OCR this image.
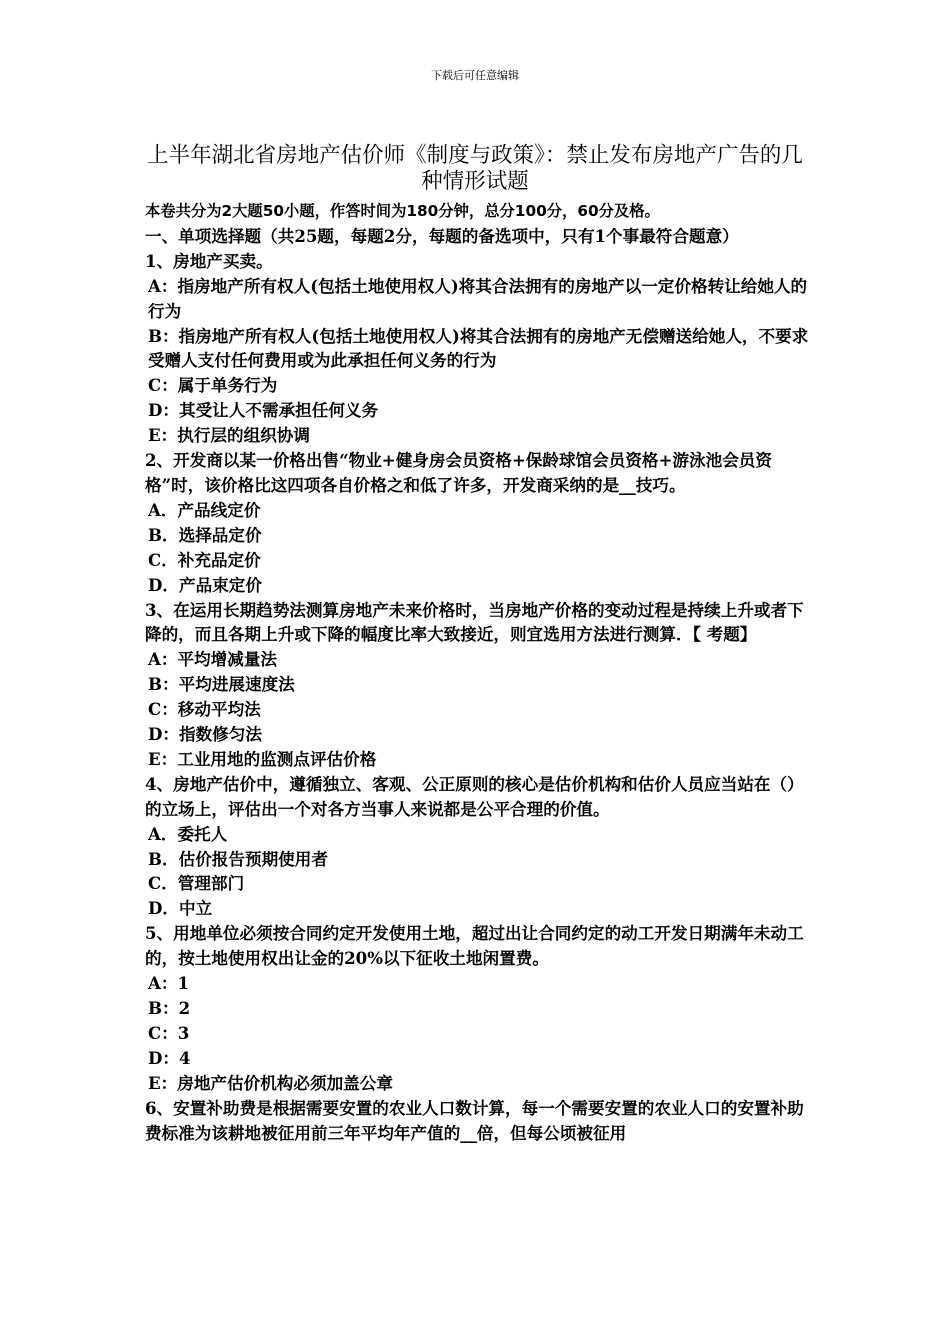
下载后可任意编辑
上半年湖北省房地产估价师《制度与政策》：禁止发布房地产广告的几种情形试题

本卷共分为2大题50小题，作答时间为180分钟，总分100分，60分及格。

一、单项选择题（共25题，每题2分，每题的备选项中，只有1个事最符合题意）

1、房地产买卖。

A：指房地产所有权人(包括土地使用权人)将其合法拥有的房地产以一定价格转让给她人的行为

B：指房地产所有权人(包括土地使用权人)将其合法拥有的房地产无偿赠送给她人，不要求受赠人支付任何费用或为此承担任何义务的行为

C：属于单务行为

D：其受让人不需承担任何义务

E：执行层的组织协调

2、开发商以某一价格出售“物业+健身房会员资格+保龄球馆会员资格+游泳池会员资格”时，该价格比这四项各自价格之和低了许多，开发商采纳的是__技巧。

A．产品线定价

B．选择品定价

C．补充品定价

D．产品束定价

3、在运用长期趋势法测算房地产未来价格时，当房地产价格的变动过程是持续上升或者下降的，而且各期上升或下降的幅度比率大致接近，则宜选用方法进行测算．【 考题】

A：平均增减量法

B：平均进展速度法

C：移动平均法

D：指数修匀法

E：工业用地的监测点评估价格

4、房地产估价中，遵循独立、客观、公正原则的核心是估价机构和估价人员应当站在（）的立场上，评估出一个对各方当事人来说都是公平合理的价值。

A．委托人

B．估价报告预期使用者

C．管理部门

D．中立

5、用地单位必须按合同约定开发使用土地，超过出让合同约定的动工开发日期满年未动工的，按土地使用权出让金的20%以下征收土地闲置费。

A：1

B：2

C：3

D：4

E：房地产估价机构必须加盖公章

6、安置补助费是根据需要安置的农业人口数计算，每一个需要安置的农业人口的安置补助费标准为该耕地被征用前三年平均年产值的__倍，但每公顷被征用
